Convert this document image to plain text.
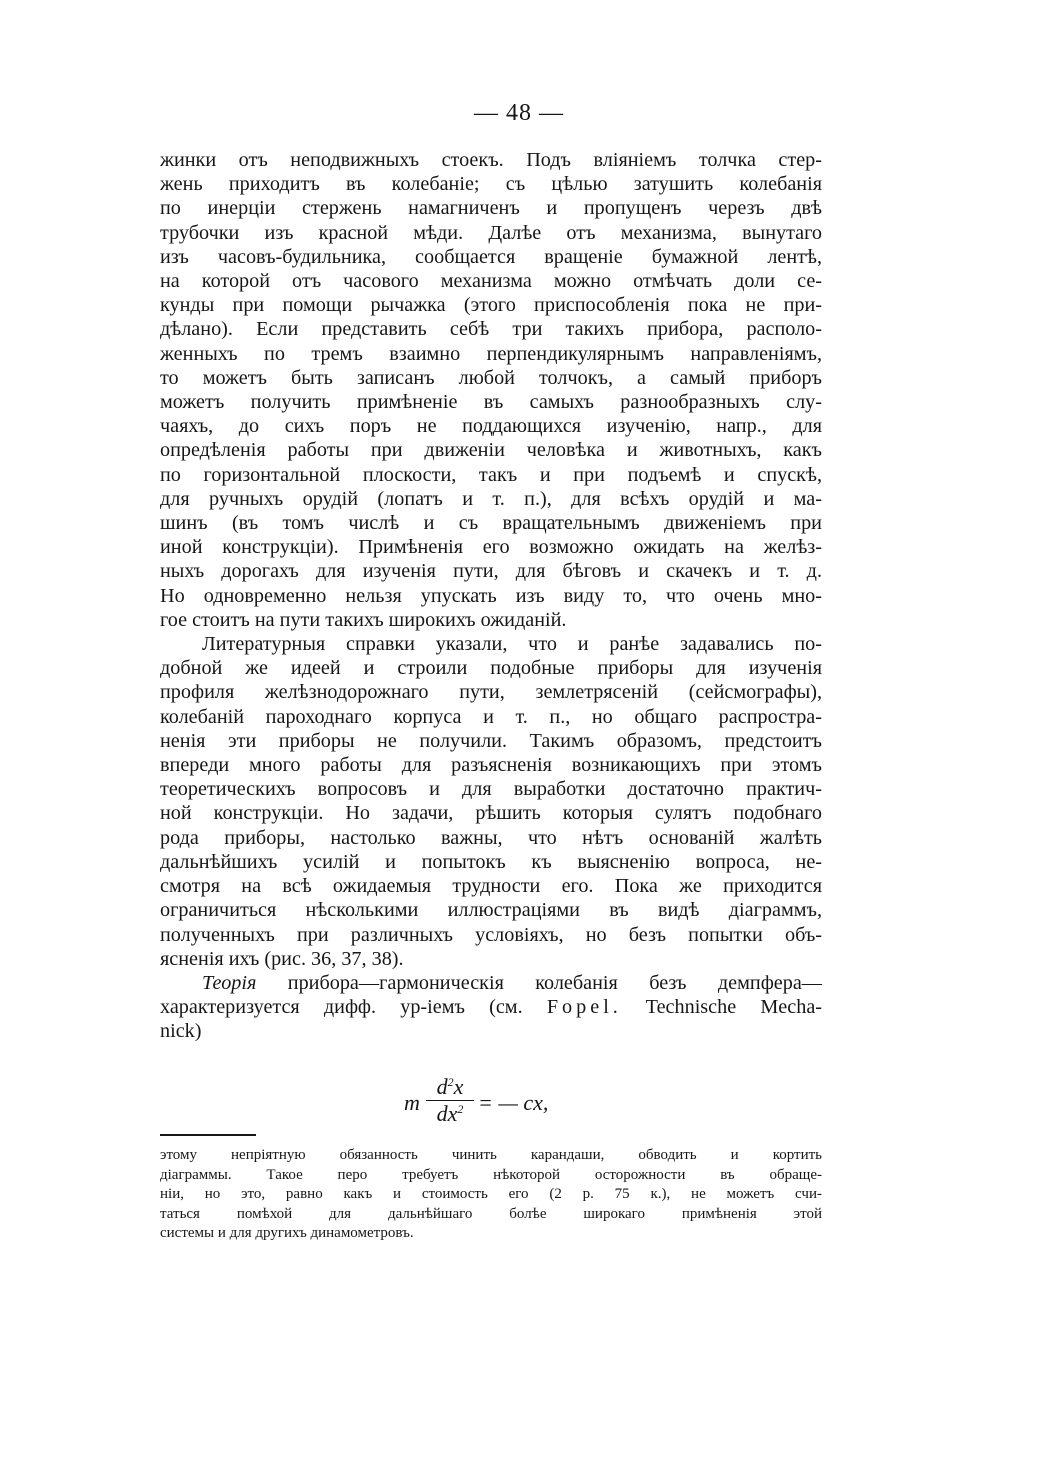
— 48 —
жинки отъ неподвижныхъ стоекъ. Подъ вліяніемъ толчка стер-
жень приходитъ въ колебаніе; съ цѣлью затушить колебанія
по инерціи стержень намагниченъ и пропущенъ черезъ двѣ
трубочки изъ красной мѣди. Далѣе отъ механизма, вынутаго
изъ часовъ-будильника, сообщается вращеніе бумажной лентѣ,
на которой отъ часового механизма можно отмѣчать доли се-
кунды при помощи рычажка (этого приспособленія пока не при-
дѣлано). Если представить себѣ три такихъ прибора, располо-
женныхъ по тремъ взаимно перпендикулярнымъ направленіямъ,
то можетъ быть записанъ любой толчокъ, а самый приборъ
можетъ получить примѣненіе въ самыхъ разнообразныхъ слу-
чаяхъ, до сихъ поръ не поддающихся изученію, напр., для
опредѣленія работы при движеніи человѣка и животныхъ, какъ
по горизонтальной плоскости, такъ и при подъемѣ и спускѣ,
для ручныхъ орудій (лопатъ и т. п.), для всѣхъ орудій и ма-
шинъ (въ томъ числѣ и съ вращательнымъ движеніемъ при
иной конструкціи). Примѣненія его возможно ожидать на желѣз-
ныхъ дорогахъ для изученія пути, для бѣговъ и скачекъ и т. д.
Но одновременно нельзя упускать изъ виду то, что очень мно-
гое стоитъ на пути такихъ широкихъ ожиданій.
Литературныя справки указали, что и ранѣе задавались по-
добной же идеей и строили подобные приборы для изученія
профиля желѣзнодорожнаго пути, землетрясеній (сейсмографы),
колебаній пароходнаго корпуса и т. п., но общаго распростра-
ненія эти приборы не получили. Такимъ образомъ, предстоитъ
впереди много работы для разъясненія возникающихъ при этомъ
теоретическихъ вопросовъ и для выработки достаточно практич-
ной конструкціи. Но задачи, рѣшить которыя сулятъ подобнаго
рода приборы, настолько важны, что нѣтъ основаній жалѣть
дальнѣйшихъ усилій и попытокъ къ выясненію вопроса, не-
смотря на всѣ ожидаемыя трудности его. Пока же приходится
ограничиться нѣсколькими иллюстраціями въ видѣ діаграммъ,
полученныхъ при различныхъ условіяхъ, но безъ попытки объ-
ясненія ихъ (рис. 36, 37, 38).
Теорія прибора—гармоническія колебанія безъ демпфера—
характеризуется дифф. ур-іемъ (см. Fopel. Technische Mecha-
nick)
m
$d^2x$
$dx^2$ = — cx,
этому непріятную обязанность чинить карандаши, обводить и кортить
діаграммы. Такое перо требуетъ нѣкоторой осторожности въ обраще-
ніи, но это, равно какъ и стоимость его (2 р. 75 к.), не можетъ счи-
таться помѣхой для дальнѣйшаго болѣе широкаго примѣненія этой
системы и для другихъ динамометровъ.
